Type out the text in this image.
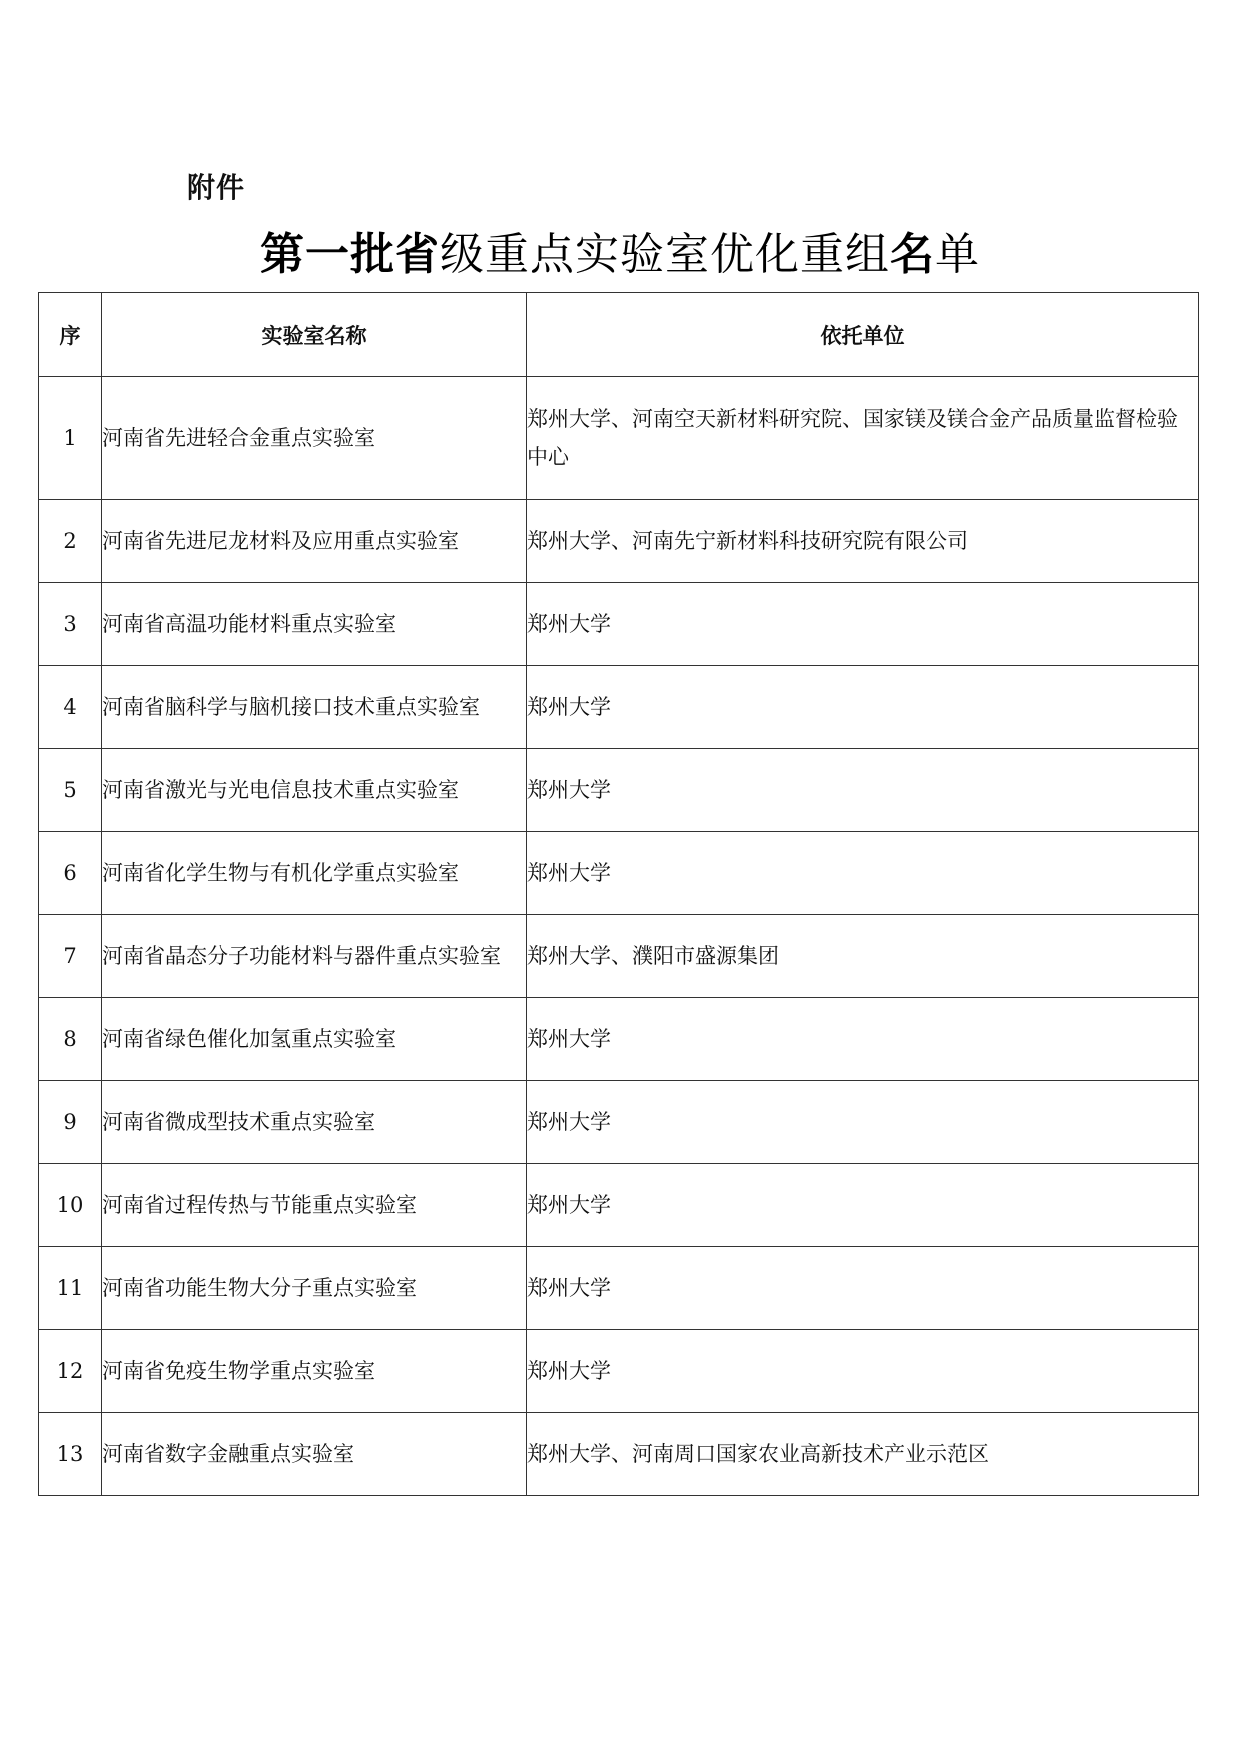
附件
第一批省级重点实验室优化重组名单
序	实验室名称	依托单位
1	河南省先进轻合金重点实验室	郑州大学、河南空天新材料研究院、国家镁及镁合金产品质量监督检验中心
2	河南省先进尼龙材料及应用重点实验室	郑州大学、河南先宁新材料科技研究院有限公司
3	河南省高温功能材料重点实验室	郑州大学
4	河南省脑科学与脑机接口技术重点实验室	郑州大学
5	河南省激光与光电信息技术重点实验室	郑州大学
6	河南省化学生物与有机化学重点实验室	郑州大学
7	河南省晶态分子功能材料与器件重点实验室	郑州大学、濮阳市盛源集团
8	河南省绿色催化加氢重点实验室	郑州大学
9	河南省微成型技术重点实验室	郑州大学
10	河南省过程传热与节能重点实验室	郑州大学
11	河南省功能生物大分子重点实验室	郑州大学
12	河南省免疫生物学重点实验室	郑州大学
13	河南省数字金融重点实验室	郑州大学、河南周口国家农业高新技术产业示范区
